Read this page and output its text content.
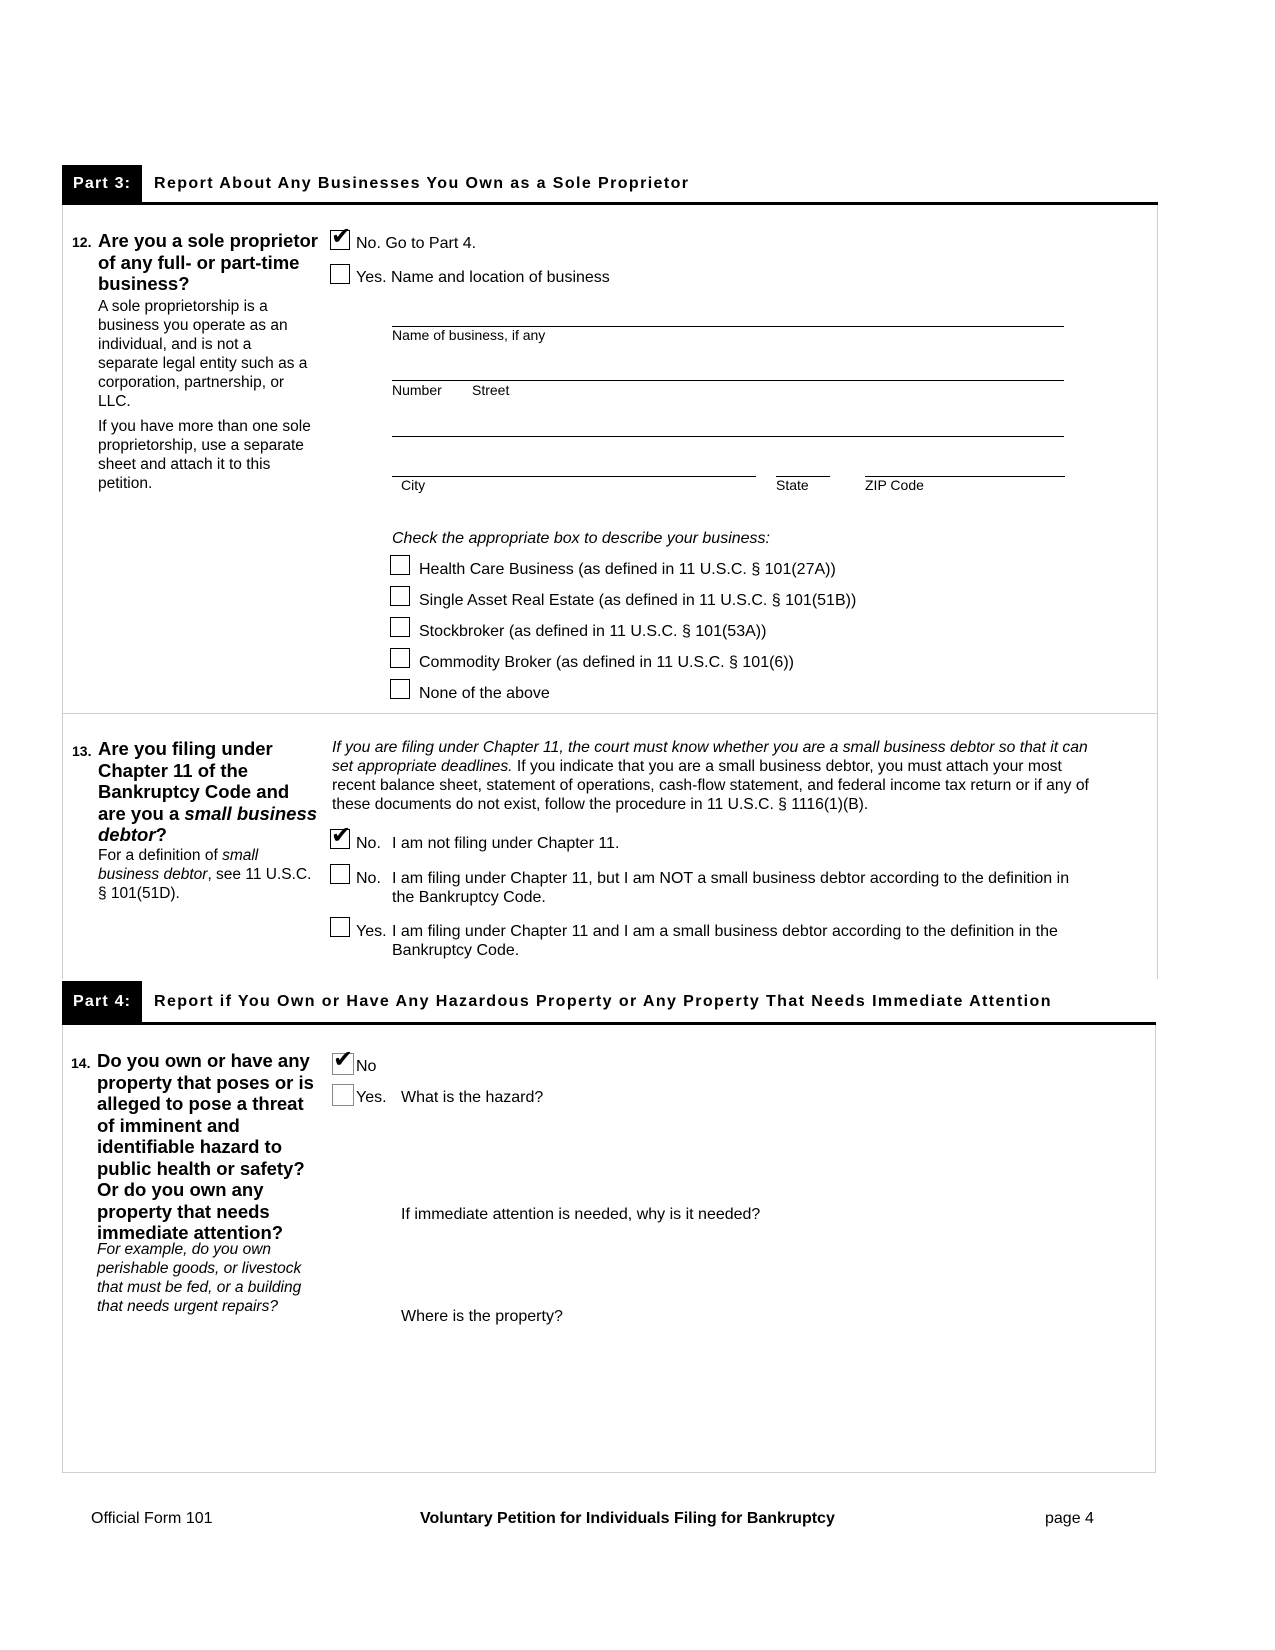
Part 3:	Report About Any Businesses You Own as a Sole Proprietor
12. Are you a sole proprietor of any full- or part-time business?

A sole proprietorship is a business you operate as an individual, and is not a separate legal entity such as a corporation, partnership, or LLC.

If you have more than one sole proprietorship, use a separate sheet and attach it to this petition.

✔ No. Go to Part 4.
Yes. Name and location of business
Name of business, if any
Number Street
City	State	ZIP Code
Check the appropriate box to describe your business:
Health Care Business (as defined in 11 U.S.C. § 101(27A))
Single Asset Real Estate (as defined in 11 U.S.C. § 101(51B))
Stockbroker (as defined in 11 U.S.C. § 101(53A))
Commodity Broker (as defined in 11 U.S.C. § 101(6))
None of the above
13. Are you filing under Chapter 11 of the Bankruptcy Code and are you a small business debtor?
For a definition of small business debtor, see 11 U.S.C. § 101(51D).
If you are filing under Chapter 11, the court must know whether you are a small business debtor so that it can set appropriate deadlines. If you indicate that you are a small business debtor, you must attach your most recent balance sheet, statement of operations, cash-flow statement, and federal income tax return or if any of these documents do not exist, follow the procedure in 11 U.S.C. § 1116(1)(B).
✔ No. I am not filing under Chapter 11.
No. I am filing under Chapter 11, but I am NOT a small business debtor according to the definition in the Bankruptcy Code.
Yes. I am filing under Chapter 11 and I am a small business debtor according to the definition in the Bankruptcy Code.
Part 4:	Report if You Own or Have Any Hazardous Property or Any Property That Needs Immediate Attention
14. Do you own or have any property that poses or is alleged to pose a threat of imminent and identifiable hazard to public health or safety? Or do you own any property that needs immediate attention?
For example, do you own perishable goods, or livestock that must be fed, or a building that needs urgent repairs?
✔ No
Yes. What is the hazard?
If immediate attention is needed, why is it needed?
Where is the property?
Official Form 101	Voluntary Petition for Individuals Filing for Bankruptcy	page 4
